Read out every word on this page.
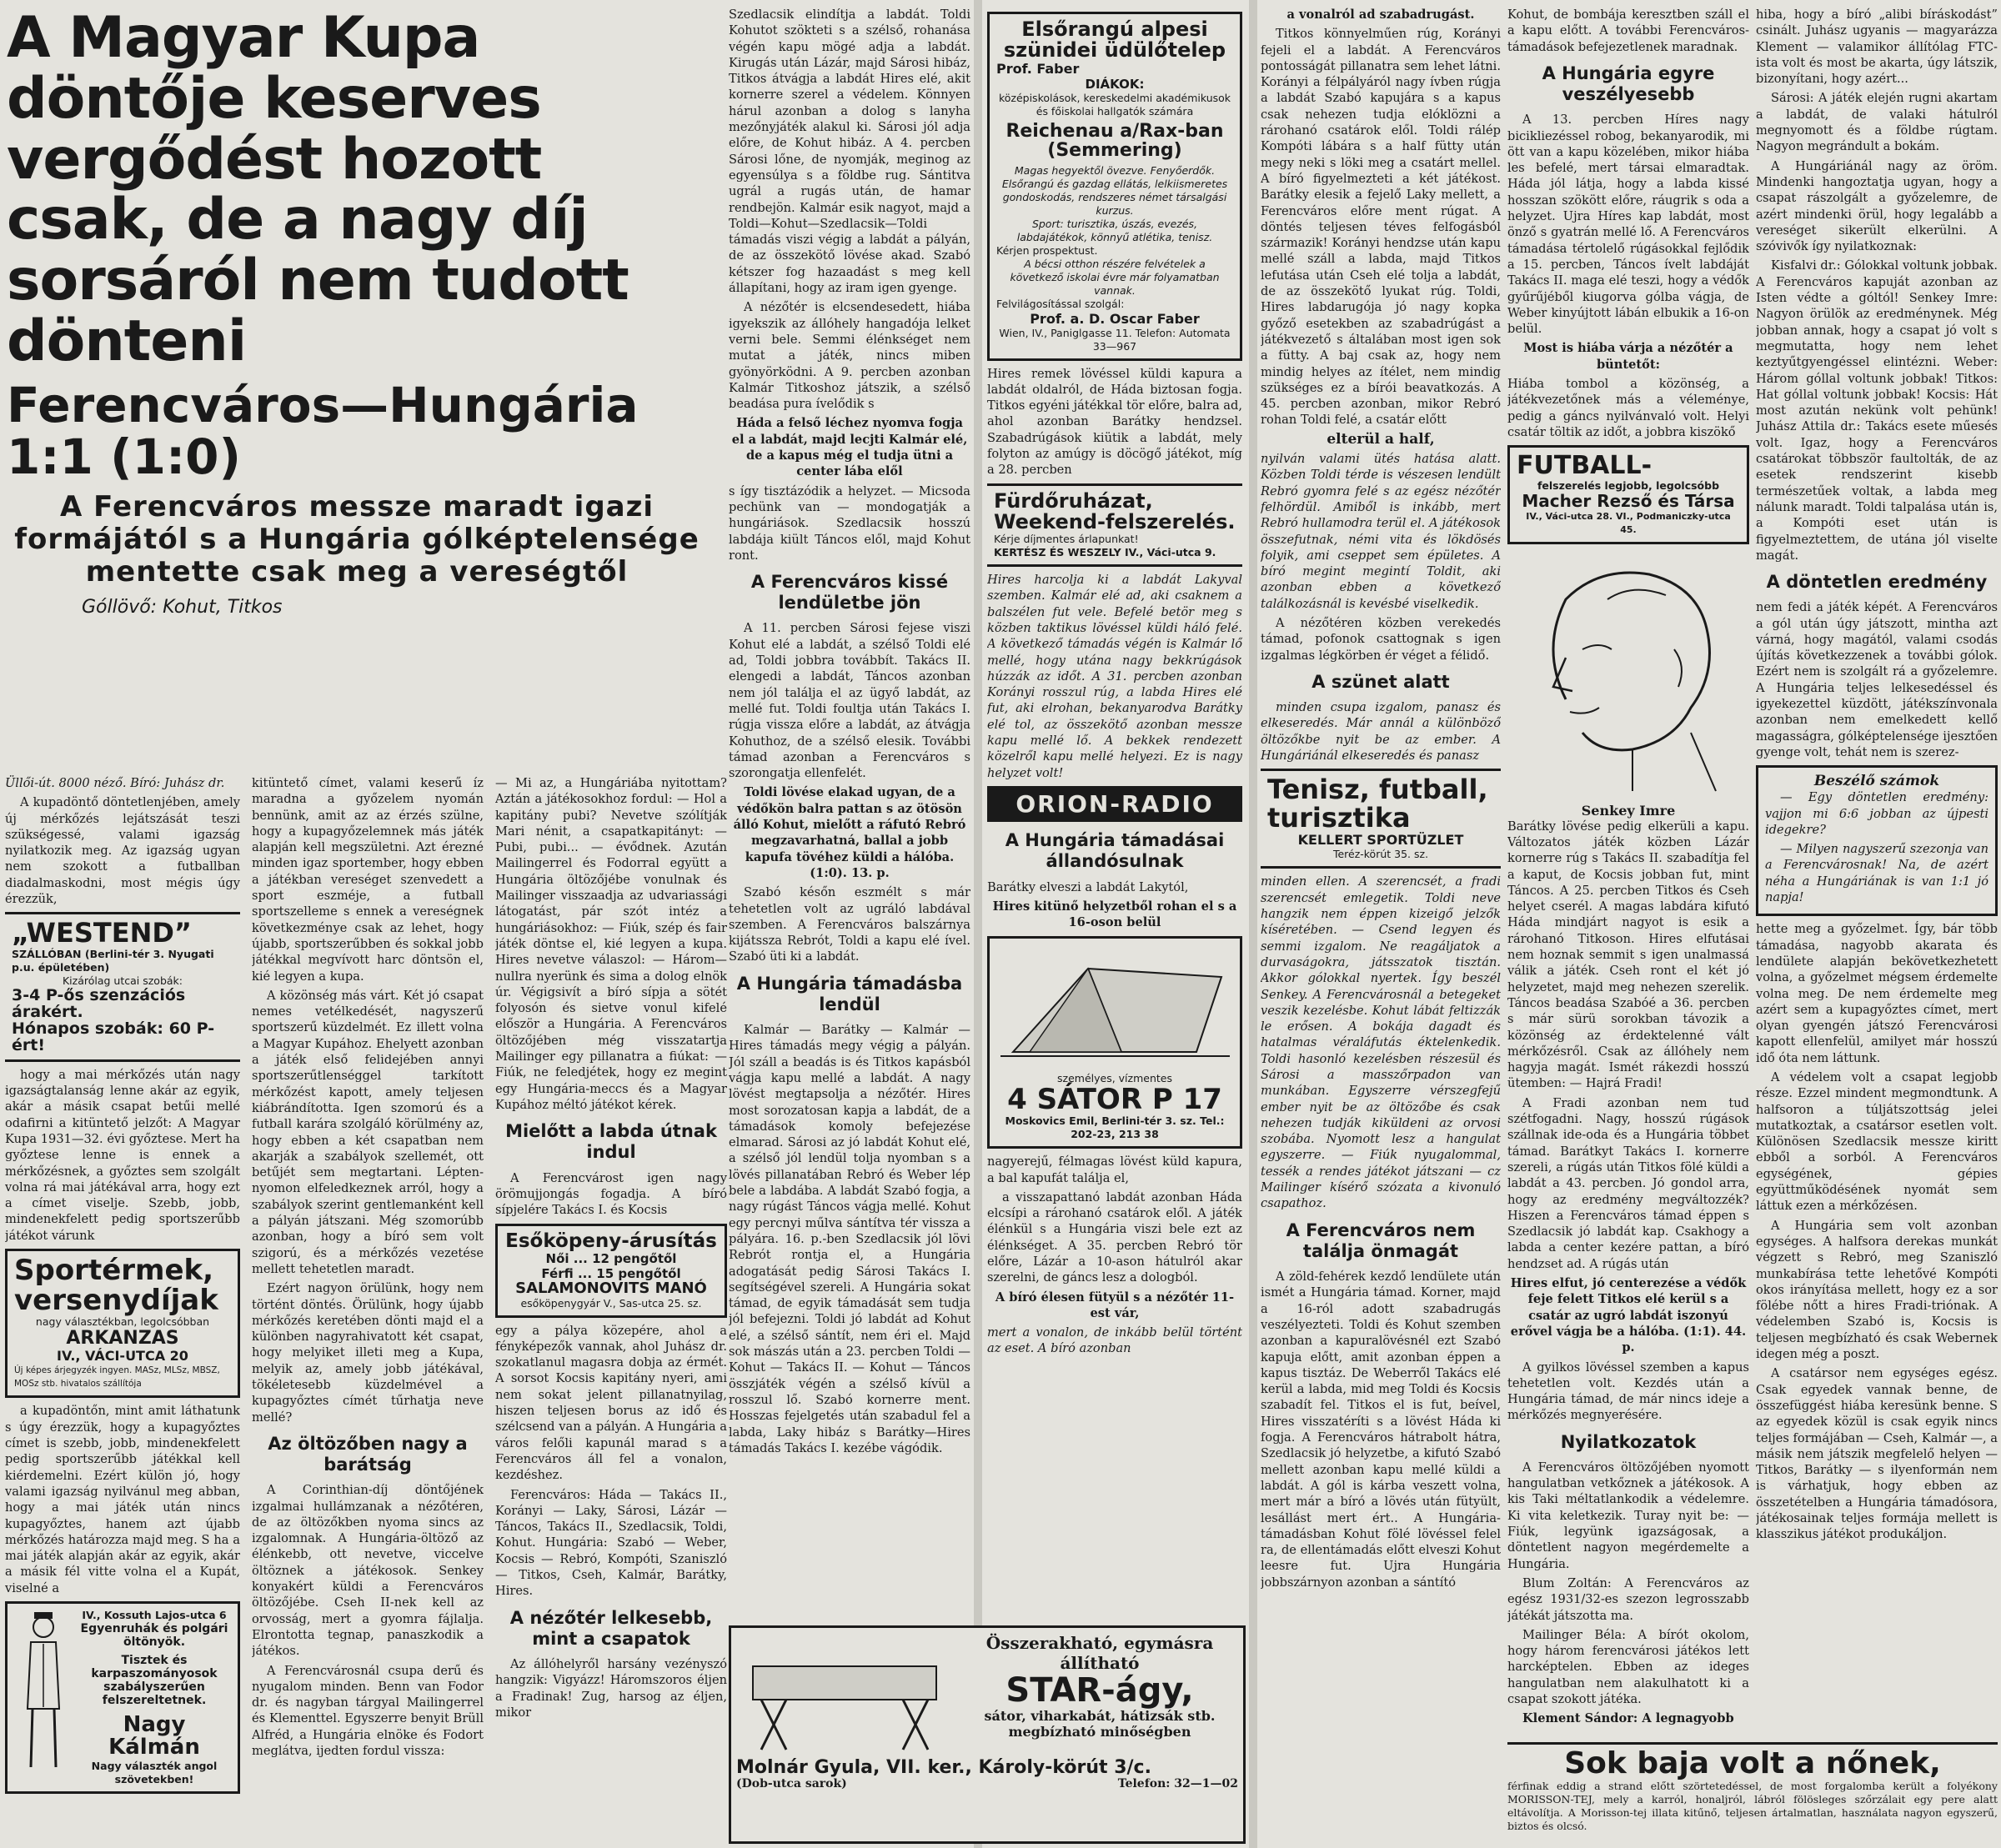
A Magyar Kupa döntője keserves vergődést hozott csak, de a nagy díj sorsáról nem tudott dönteni
Ferencváros—Hungária
1:1 (1:0)
A Ferencváros messze maradt igazi formájától s a Hungária gólképtelensége mentette csak meg a vereségtől
Góllövő: Kohut, Titkos

Üllői-út. 8000 néző. Bíró: Juhász dr.

A kupadöntő döntetlenjében, amely új mérkőzés lejátszását teszi szükségessé, valami igazság nyilatkozik meg. Az igazság ugyan nem szokott a futballban diadalmaskodni, most mégis úgy érezzük,

„WESTEND”
SZÁLLÓBAN (Berlini-tér 3. Nyugati p.u. épületében)
Kizárólag utcai szobák:
3-4 P-ős szenzációs árakért.
Hónapos szobák: 60 P-ért!

hogy a mai mérkőzés után nagy igazságtalanság lenne akár az egyik, akár a másik csapat betűi mellé odafirni a kitüntető jelzőt: A Magyar Kupa 1931—32. évi győztese. Mert ha győztese lenne is ennek a mérkőzésnek, a győztes sem szolgált volna rá mai játékával arra, hogy ezt a címet viselje. Szebb, jobb, mindenekfelett pedig sportszerűbb játékot várunk

Sportérmek, versenydíjak
nagy választékban, legolcsóbban
ARKANZAS
IV., VÁCI-UTCA 20
Új képes árjegyzék ingyen. MASz, MLSz, MBSZ, MOSz stb. hivatalos szállítója

a kupadöntőn, mint amit láthatunk s úgy érezzük, hogy a kupagyőztes címet is szebb, jobb, mindenekfelett pedig sportszerűbb játékkal kell kiérdemelni. Ezért külön jó, hogy valami igazság nyilvánul meg abban, hogy a mai játék után nincs kupagyőztes, hanem azt újabb mérkőzés határozza majd meg. S ha a mai játék alapján akár az egyik, akár a másik fél vitte volna el a Kupát, viselné a

IV., Kossuth Lajos-utca 6
Egyenruhák és polgári öltönyök.
Tisztek és karpaszományosok szabályszerűen felszereltetnek.
Nagy Kálmán
Nagy választék angol szövetekben!

kitüntető címet, valami keserű íz maradna a győzelem nyomán bennünk, amit az az érzés szülne, hogy a kupagyőzelemnek más játék alapján kell megszületni. Azt érezné minden igaz sportember, hogy ebben a játékban vereséget szenvedett a sport eszméje, a futball sportszelleme s ennek a vereségnek következménye csak az lehet, hogy újabb, sportszerűbben és sokkal jobb játékkal megvívott harc döntsön el, kié legyen a kupa.

A közönség más várt. Két jó csapat nemes vetélkedését, nagyszerű sportszerű küzdelmét. Ez illett volna a Magyar Kupához. Ehelyett azonban a játék első felidejében annyi sportszerűtlenséggel tarkított mérkőzést kapott, amely teljesen kiábrándította. Igen szomorú és a futball karára szolgáló körülmény az, hogy ebben a két csapatban nem akarják a szabályok szellemét, ott betűjét sem megtartani. Lépten-nyomon elfeledkeznek arról, hogy a szabályok szerint gentlemanként kell a pályán játszani. Még szomorúbb azonban, hogy a bíró sem volt szigorú, és a mérkőzés vezetése mellett tehetetlen maradt.

Ezért nagyon örülünk, hogy nem történt döntés. Örülünk, hogy újabb mérkőzés keretében dönti majd el a különben nagyrahivatott két csapat, hogy melyiket illeti meg a Kupa, melyik az, amely jobb játékával, tökéletesebb küzdelmével a kupagyőztes címét tűrhatja neve mellé?

Az öltözőben nagy a barátság

A Corinthian-díj döntőjének izgalmai hullámzanak a nézőtéren, de az öltözőkben nyoma sincs az izgalomnak. A Hungária-öltöző az élénkebb, ott nevetve, viccelve öltöznek a játékosok. Senkey konyakért küldi a Ferencváros öltözőjébe. Cseh II-nek kell az orvosság, mert a gyomra fájlalja. Elrontotta tegnap, panaszkodik a játékos.

A Ferencvárosnál csupa derű és nyugalom minden. Benn van Fodor dr. és nagyban tárgyal Mailingerrel és Klementtel. Egyszerre benyit Brüll Alfréd, a Hungária elnöke és Fodort meglátva, ijedten fordul vissza:

— Mi az, a Hungáriába nyitottam? Aztán a játékosokhoz fordul: — Hol a kapitány pubi? Nevetve szólítják Mari nénit, a csapatkapitányt: — Pubi, pubi... — évődnek. Azután Mailingerrel és Fodorral együtt a Hungária öltözőjébe vonulnak és Mailinger visszaadja az udvariassági látogatást, pár szót intéz a hungáriásokhoz: — Fiúk, szép és fair játék döntse el, kié legyen a kupa. Hires nevetve válaszol: — Három—nullra nyerünk és sima a dolog elnök úr. Végigsivít a bíró sípja a sötét folyosón és sietve vonul kifelé először a Hungária. A Ferencváros öltözőjében még visszatartja Mailinger egy pillanatra a fiúkat: — Fiúk, ne feledjétek, hogy ez megint egy Hungária-meccs és a Magyar Kupához méltó játékot kérek.

Mielőtt a labda útnak indul

A Ferencvárost igen nagy örömujjongás fogadja. A bíró sípjelére Takács I. és Kocsis

Esőköpeny-árusítás
Női ... 12 pengőtől
Férfi ... 15 pengőtől
SALAMONOVITS MANÓ
esőköpenygyár V., Sas-utca 25. sz.

egy a pálya közepére, ahol a fényképezők vannak, ahol Juhász dr. szokatlanul magasra dobja az érmét. A sorsot Kocsis kapitány nyeri, ami nem sokat jelent pillanatnyilag, hiszen teljesen borus az idő és szélcsend van a pályán. A Hungária a város felőli kapunál marad s a Ferencváros áll fel a vonalon, kezdéshez.

Ferencváros: Háda — Takács II., Korányi — Laky, Sárosi, Lázár — Táncos, Takács II., Szedlacsik, Toldi, Kohut. Hungária: Szabó — Weber, Kocsis — Rebró, Kompóti, Szaniszló — Titkos, Cseh, Kalmár, Barátky, Hires.

A nézőtér lelkesebb, mint a csapatok

Az állóhelyről harsány vezényszó hangzik: Vigyázz! Háromszoros éljen a Fradinak! Zug, harsog az éljen, mikor

Szedlacsik elindítja a labdát. Toldi Kohutot szökteti s a szélső, rohanása végén kapu mögé adja a labdát. Kirugás után Lázár, majd Sárosi hibáz, Titkos átvágja a labdát Hires elé, akit kornerre szerel a védelem. Könnyen hárul azonban a dolog s lanyha mezőnyjáték alakul ki. Sárosi jól adja előre, de Kohut hibáz. A 4. percben Sárosi lőne, de nyomják, meginog az egyensúlya s a földbe rug. Sántitva ugrál a rugás után, de hamar rendbejön. Kalmár esik nagyot, majd a Toldi—Kohut—Szedlacsik—Toldi támadás viszi végig a labdát a pályán, de az összekötő lövése akad. Szabó kétszer fog hazaadást s meg kell állapítani, hogy az iram igen gyenge.

A nézőtér is elcsendesedett, hiába igyekszik az állóhely hangadója lelket verni bele. Semmi élénkséget nem mutat a játék, nincs miben gyönyörködni. A 9. percben azonban Kalmár Titkoshoz játszik, a szélső beadása pura ívelődik s

Háda a felső léchez nyomva fogja el a labdát, majd lecjti Kalmár elé, de a kapus még el tudja ütni a center lába elől

s így tisztázódik a helyzet. — Micsoda pechünk van — mondogatják a hungáriások. Szedlacsik hosszú labdája kiült Táncos elől, majd Kohut ront.

A Ferencváros kissé lendületbe jön

A 11. percben Sárosi fejese viszi Kohut elé a labdát, a szélső Toldi elé ad, Toldi jobbra továbbít. Takács II. elengedi a labdát, Táncos azonban nem jól találja el az ügyő labdát, az mellé fut. Toldi foultja után Takács I. rúgja vissza előre a labdát, az átvágja Kohuthoz, de a szélső elesik. További támad azonban a Ferencváros s szorongatja ellenfelét.

Toldi lövése elakad ugyan, de a védőkön balra pattan s az ötösön álló Kohut, mielőtt a ráfutó Rebró megzavarhatná, ballal a jobb kapufa tövéhez küldi a hálóba. (1:0). 13. p.

Szabó későn eszmélt s már tehetetlen volt az ugráló labdával szemben. A Ferencváros balszárnya kijátssza Rebrót, Toldi a kapu elé ível. Szabó üti ki a labdát.

A Hungária támadásba lendül

Kalmár — Barátky — Kalmár — Hires támadás megy végig a pályán. Jól száll a beadás is és Titkos kapásból vágja kapu mellé a labdát. A nagy lövést megtapsolja a nézőtér. Hires most sorozatosan kapja a labdát, de a támadások komoly befejezése elmarad. Sárosi az jó labdát Kohut elé, a szélső jól lendül tolja nyomban s a lövés pillanatában Rebró és Weber lép bele a labdába. A labdát Szabó fogja, a nagy rúgást Táncos vágja mellé. Kohut egy percnyi műlva sántítva tér vissza a pályára. 16. p.-ben Szedlacsik jól lövi Rebrót rontja el, a Hungária adogatását pedig Sárosi Takács I. segítségével szereli. A Hungária sokat támad, de egyik támadását sem tudja jól befejezni. Toldi jó labdát ad Kohut elé, a szélső sántít, nem éri el. Majd sok mászás után a 23. percben Toldi — Kohut — Takács II. — Kohut — Táncos összjáték végén a szélső kívül a rosszul lő. Szabó kornerre ment. Hosszas fejelgetés után szabadul fel a labda, Laky hibáz s Barátky—Hires támadás Takács I. kezébe vágódik.

Elsőrangú alpesi szünidei üdülőtelep
Prof. Faber
DIÁKOK:
középiskolások, kereskedelmi akadémikusok és főiskolai hallgatók számára
Reichenau a/Rax-ban (Semmering)
Magas hegyektől övezve. Fenyőerdők. Elsőrangú és gazdag ellátás, lelkiismeretes gondoskodás, rendszeres német társalgási kurzus.
Sport: turisztika, úszás, evezés, labdajátékok, könnyű atlétika, tenisz.
Kérjen prospektust.
A bécsi otthon részére felvételek a következő iskolai évre már folyamatban vannak.
Felvilágosítással szolgál:
Prof. a. D. Oscar Faber
Wien, IV., Paniglgasse 11. Telefon: Automata 33—967

Hires remek lövéssel küldi kapura a labdát oldalról, de Háda biztosan fogja. Titkos egyéni játékkal tör előre, balra ad, ahol azonban Barátky hendzsel. Szabadrúgások kiütik a labdát, mely folyton az amúgy is döcögő játékot, míg a 28. percben

Fürdőruházat, Weekend-felszerelés.
Kérje díjmentes árlapunkat!
KERTÉSZ ÉS WESZELY IV., Váci-utca 9.

Hires harcolja ki a labdát Lakyval szemben. Kalmár elé ad, aki csaknem a balszélen fut vele. Befelé betör meg s közben taktikus lövéssel küldi háló felé. A következő támadás végén is Kalmár lő mellé, hogy utána nagy bekkrúgások húzzák az időt. A 31. percben azonban Korányi rosszul rúg, a labda Hires elé fut, aki elrohan, bekanyarodva Barátky elé tol, az összekötő azonban messze kapu mellé lő. A bekkek rendezett közelről kapu mellé helyezi. Ez is nagy helyzet volt!

ORION-RADIO
A Hungária támadásai állandósulnak

Barátky elveszi a labdát Lakytól,

Hires kitünő helyzetből rohan el s a 16-oson belül

személyes, vízmentes
4 SÁTOR P 17
Moskovics Emil, Berlini-tér 3. sz. Tel.: 202-23, 213 38

nagyerejű, félmagas lövést küld kapura, a bal kapufát találja el,

a visszapattanó labdát azonban Háda elcsípi a rárohanó csatárok elől. A játék élénkül s a Hungária viszi bele ezt az élénkséget. A 35. percben Rebró tör előre, Lázár a 10-ason hátulról akar szerelni, de gáncs lesz a dologból.

A bíró élesen fütyül s a nézőtér 11-est vár,

mert a vonalon, de inkább belül történt az eset. A bíró azonban

a vonalról ad szabadrugást.

Titkos könnyelműen rúg, Korányi fejeli el a labdát. A Ferencváros pontosságát pillanatra sem lehet látni. Korányi a félpályáról nagy ívben rúgja a labdát Szabó kapujára s a kapus csak nehezen tudja elóklözni a rárohanó csatárok elől. Toldi rálép Kompóti lábára s a half fütty után megy neki s löki meg a csatárt mellel. A bíró figyelmezteti a két játékost. Barátky elesik a fejelő Laky mellett, a Ferencváros előre ment rúgat. A döntés teljesen téves felfogásból származik! Korányi hendzse után kapu mellé száll a labda, majd Titkos lefutása után Cseh elé tolja a labdát, de az összekötő lyukat rúg. Toldi, Hires labdarugója jó nagy kopka győző esetekben az szabadrúgást a játékvezető s általában most igen sok a fütty. A baj csak az, hogy nem mindig helyes az ítélet, nem mindig szükséges ez a bírói beavatkozás. A 45. percben azonban, mikor Rebró rohan Toldi felé, a csatár előtt

elterül a half,

nyilván valami ütés hatása alatt. Közben Toldi térde is vészesen lendült Rebró gyomra felé s az egész nézőtér felhördül. Amiből is inkább, mert Rebró hullamodra terül el. A játékosok összefutnak, némi vita és lökdösés folyik, ami cseppet sem épületes. A bíró megint megintí Toldit, aki azonban ebben a következő találkozásnál is kevésbé viselkedik.

A nézőtéren közben verekedés támad, pofonok csattognak s igen izgalmas légkörben ér véget a félidő.

A szünet alatt

minden csupa izgalom, panasz és elkeseredés. Már annál a különböző öltözőkbe nyit be az ember. A Hungáriánál elkeseredés és panasz

Tenisz, futball, turisztika
KELLERT SPORTÜZLET
Teréz-körút 35. sz.

minden ellen. A szerencsét, a fradi szerencsét emlegetik. Toldi neve hangzik nem éppen kizeigő jelzők kíséretében. — Csend legyen és semmi izgalom. Ne reagáljatok a durvaságokra, játsszatok tisztán. Akkor gólokkal nyertek. Így beszél Senkey. A Ferencvárosnál a betegeket veszik kezelésbe. Kohut lábát feltizzák le erősen. A bokája dagadt és hatalmas véraláfutás éktelenkedik. Toldi hasonló kezelésben részesül és Sárosi a masszőrpadon van munkában. Egyszerre vérszegfejű ember nyit be az öltözőbe és csak nehezen tudják kiküldeni az orvosi szobába. Nyomott lesz a hangulat egyszerre. — Fiúk nyugalommal, tessék a rendes játékot játszani — cz Mailinger kísérő szózata a kivonuló csapathoz.

A Ferencváros nem találja önmagát

A zöld-fehérek kezdő lendülete után ismét a Hungária támad. Korner, majd a 16-ról adott szabadrugás veszélyezteti. Toldi és Kohut szemben azonban a kapuralövésnél ezt Szabó kapuja előtt, amit azonban éppen a kapus tisztáz. De Weberről Takács elé kerül a labda, mid meg Toldi és Kocsis szabadít fel. Titkos el is fut, beível, Hires visszatéríti s a lövést Háda ki fogja. A Ferencváros hátrabolt hátra, Szedlacsik jó helyzetbe, a kifutó Szabó mellett azonban kapu mellé küldi a labdát. A gól is kárba veszett volna, mert már a bíró a lövés után fütyült, lesállást mert ért.. A Hungária-támadásban Kohut fölé lövéssel felel ra, de ellentámadás előtt elveszi Kohut leesre fut. Ujra Hungária jobbszárnyon azonban a sántító

Kohut, de bombája keresztben száll el a kapu előtt. A további Ferencváros-támadások befejezetlenek maradnak.

A Hungária egyre veszélyesebb

A 13. percben Híres nagy bicikliezéssel robog, bekanyarodik, mi ött van a kapu közelében, mikor hiába les befelé, mert társai elmaradtak. Háda jól látja, hogy a labda kissé hosszan szökött előre, ráugrik s oda a helyzet. Ujra Híres kap labdát, most önző s gyatrán mellé lő. A Ferencváros támadása tértolelő rúgásokkal fejlődik a 15. percben, Táncos ívelt labdáját Takács II. maga elé teszi, hogy a védők gyűrűjéből kiugorva gólba vágja, de Weber kinyújtott lábán elbukik a 16-on belül.

Most is hiába várja a nézőtér a büntetőt:

Hiába tombol a közönség, a játékvezetőnek más a véleménye, pedig a gáncs nyilvánvaló volt. Helyi csatár töltik az időt, a jobbra kiszökő

FUTBALL-
felszerelés legjobb, legolcsóbb
Macher Rezső és Társa
IV., Váci-utca 28. VI., Podmaniczky-utca 45.
Senkey Imre

Barátky lövése pedig elkerüli a kapu. Változatos játék közben Lázár kornerre rúg s Takács II. szabadítja fel a kaput, de Kocsis jobban fut, mint Táncos. A 25. percben Titkos és Cseh helyet cserél. A magas labdára kifutó Háda mindjárt nagyot is esik a rárohanó Titkoson. Hires elfutásai nem hoznak semmit s igen unalmassá válik a játék. Cseh ront el két jó helyzetet, majd meg nehezen szerelik. Táncos beadása Szabóé a 36. percben s már sürü sorokban távozik a közönség az érdektelenné vált mérkőzésről. Csak az állóhely nem hagyja magát. Ismét rákezdi hosszú ütemben: — Hajrá Fradi!

A Fradi azonban nem tud szétfogadni. Nagy, hosszú rúgások szállnak ide-oda és a Hungária többet támad. Barátkyt Takács I. kornerre szereli, a rúgás után Titkos fölé küldi a labdát a 43. percben. Jó gondol arra, hogy az eredmény megváltozzék? Hiszen a Ferencváros támad éppen s Szedlacsik jó labdát kap. Csakhogy a labda a center kezére pattan, a bíró hendzset ad. A rúgás után

Hires elfut, jó centerezése a védők feje felett Titkos elé kerül s a csatár az ugró labdát iszonyú erővel vágja be a hálóba. (1:1). 44. p.

A gyilkos lövéssel szemben a kapus tehetetlen volt. Kezdés után a Hungária támad, de már nincs ideje a mérkőzés megnyerésére.

Nyilatkozatok

A Ferencváros öltözőjében nyomott hangulatban vetkőznek a játékosok. A kis Taki méltatlankodik a védelemre. Ki vita keletkezik. Turay nyit be: — Fiúk, legyünk igazságosak, a döntetlent nagyon megérdemelte a Hungária.

Blum Zoltán: A Ferencváros az egész 1931/32-es szezon legrosszabb játékát játszotta ma.

Mailinger Béla: A bírót okolom, hogy három ferencvárosi játékos lett harcképtelen. Ebben az ideges hangulatban nem alakulhatott ki a csapat szokott játéka.

Klement Sándor: A legnagyobb

hiba, hogy a bíró „alibi bíráskodást” csinált. Juhász ugyanis — magyarázza Klement — valamikor állítólag FTC-ista volt és most be akarta, úgy látszik, bizonyítani, hogy azért...

Sárosi: A játék elején rugni akartam a labdát, de valaki hátulról megnyomott és a földbe rúgtam. Nagyon megrándult a bokám.

A Hungáriánál nagy az öröm. Mindenki hangoztatja ugyan, hogy a csapat rászolgált a győzelemre, de azért mindenki örül, hogy legalább a vereséget sikerült elkerülni. A szóvivők így nyilatkoznak:

Kisfalvi dr.: Gólokkal voltunk jobbak. A Ferencváros kapuját azonban az Isten védte a góltól! Senkey Imre: Nagyon örülök az eredménynek. Még jobban annak, hogy a csapat jó volt s megmutatta, hogy nem lehet keztyűtgyengéssel elintézni. Weber: Három góllal voltunk jobbak! Titkos: Hat góllal voltunk jobbak! Kocsis: Hát most azután nekünk volt pehünk! Juhász Attila dr.: Takács esete műesés volt. Igaz, hogy a Ferencváros csatárokat többször faultolták, de az esetek rendszerint kisebb természetűek voltak, a labda meg nálunk maradt. Toldi talpalása után is, a Kompóti eset után is figyelmeztettem, de utána jól viselte magát.

A döntetlen eredmény

nem fedi a játék képét. A Ferencváros a gól után úgy játszott, mintha azt várná, hogy magától, valami csodás újítás következzenek a további gólok. Ezért nem is szolgált rá a győzelemre. A Hungária teljes lelkesedéssel és igyekezettel küzdött, játékszínvonala azonban nem emelkedett kellő magasságra, gólképtelensége ijesztően gyenge volt, tehát nem is szerez-

Beszélő számok

— Egy döntetlen eredmény: vajjon mi 6:6 jobban az újpesti idegekre?

— Milyen nagyszerű szezonja van a Ferencvárosnak! Na, de azért néha a Hungáriának is van 1:1 jó napja!

hette meg a győzelmet. Így, bár több támadása, nagyobb akarata és lendülete alapján bekövetkezhetett volna, a győzelmet mégsem érdemelte volna meg. De nem érdemelte meg azért sem a kupagyőztes címet, mert olyan gyengén játszó Ferencvárosi kapott ellenfelül, amilyet már hosszú idő óta nem láttunk.

A védelem volt a csapat legjobb része. Ezzel mindent megmondtunk. A halfsoron a túljátszottság jelei mutatkoztak, a csatársor esetlen volt. Különösen Szedlacsik messze kiritt ebből a sorból. A Ferencváros egységének, gépies együttműködésének nyomát sem láttuk ezen a mérkőzésen.

A Hungária sem volt azonban egységes. A halfsora derekas munkát végzett s Rebró, meg Szaniszló munkabírása tette lehetővé Kompóti okos irányítása mellett, hogy ez a sor fölébe nőtt a hires Fradi-triónak. A védelemben Szabó is, Kocsis is teljesen megbízható és csak Webernek idegen még a poszt.

A csatársor nem egységes egész. Csak egyedek vannak benne, de összefüggést hiába keresünk benne. S az egyedek közül is csak egyik nincs teljes formájában — Cseh, Kalmár —, a másik nem játszik megfelelő helyen — Titkos, Barátky — s ilyenformán nem is várhatjuk, hogy ebben az összetételben a Hungária támadósora, játékosainak teljes formája mellett is klasszikus játékot produkáljon.

Sok baja volt a nőnek,

férfinak eddig a strand előtt szörtetedéssel, de most forgalomba került a folyékony MORISSON-TEJ, mely a karról, honaljról, lábról fölösleges szőrzálait egy pere alatt eltávolítja. A Morisson-tej illata kitűnő, teljesen ártalmatlan, használata nagyon egyszerű, biztos és olcsó.

Összerakható, egymásra állítható
STAR-ágy,
sátor, viharkabát, hátizsák stb. megbízható minőségben
Molnár Gyula, VII. ker., Károly-körút 3/c.
(Dob-utca sarok)	Telefon: 32—1—02
